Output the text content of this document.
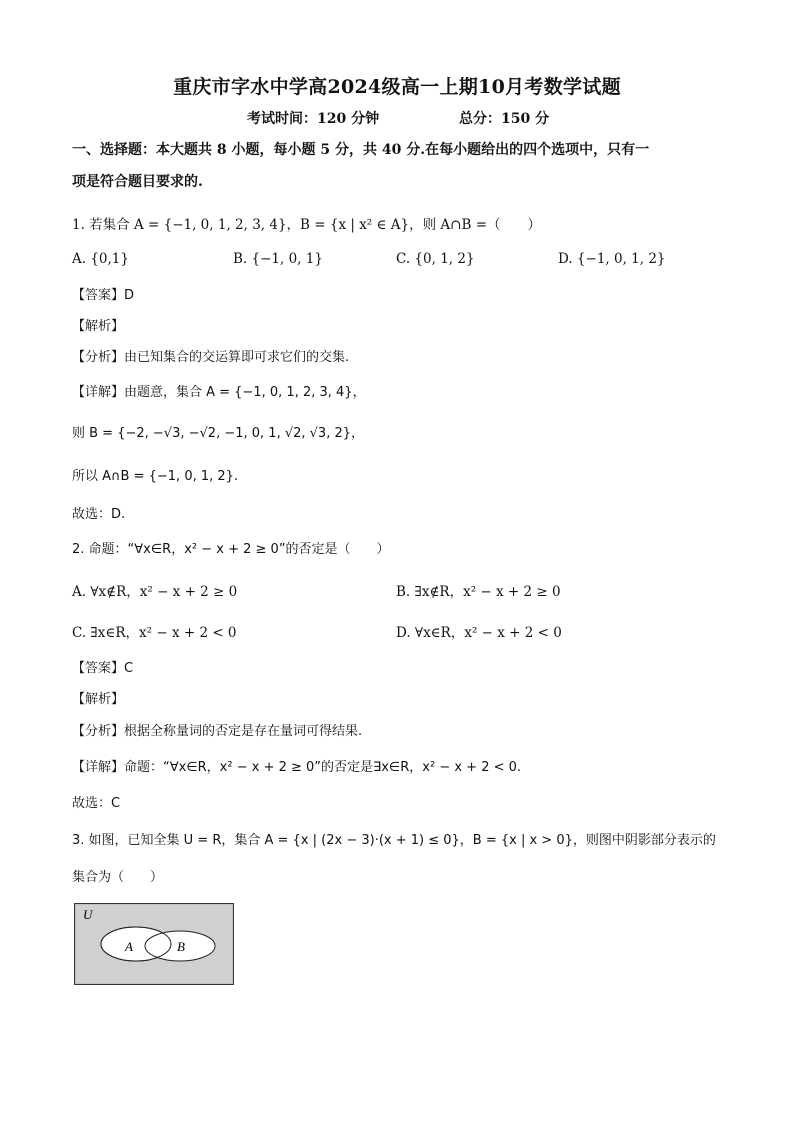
重庆市字水中学高2024级高一上期10月考数学试题
考试时间：120 分钟	总分：150 分
一、选择题：本大题共 8 小题，每小题 5 分，共 40 分.在每小题给出的四个选项中，只有一
项是符合题目要求的.
1. 若集合 A = {−1, 0, 1, 2, 3, 4}，B = {x | x² ∈ A}，则 A∩B =（　　）
A. {0,1}	B. {−1, 0, 1}	C. {0, 1, 2}	D. {−1, 0, 1, 2}
【答案】D
【解析】
【分析】由已知集合的交运算即可求它们的交集.
【详解】由题意，集合 A = {−1, 0, 1, 2, 3, 4}，
则 B = {−2, −√3, −√2, −1, 0, 1, √2, √3, 2}，
所以 A∩B = {−1, 0, 1, 2}.
故选：D.
2. 命题：“∀x∈R，x² − x + 2 ≥ 0”的否定是（　　）
A. ∀x∉R，x² − x + 2 ≥ 0	B. ∃x∉R，x² − x + 2 ≥ 0
C. ∃x∈R，x² − x + 2 < 0	D. ∀x∈R，x² − x + 2 < 0
【答案】C
【解析】
【分析】根据全称量词的否定是存在量词可得结果.
【详解】命题：“∀x∈R，x² − x + 2 ≥ 0”的否定是∃x∈R，x² − x + 2 < 0.
故选：C
3. 如图，已知全集 U = R，集合 A = {x | (2x − 3)·(x + 1) ≤ 0}，B = {x | x > 0}，则图中阴影部分表示的
集合为（　　）
U
A	B
